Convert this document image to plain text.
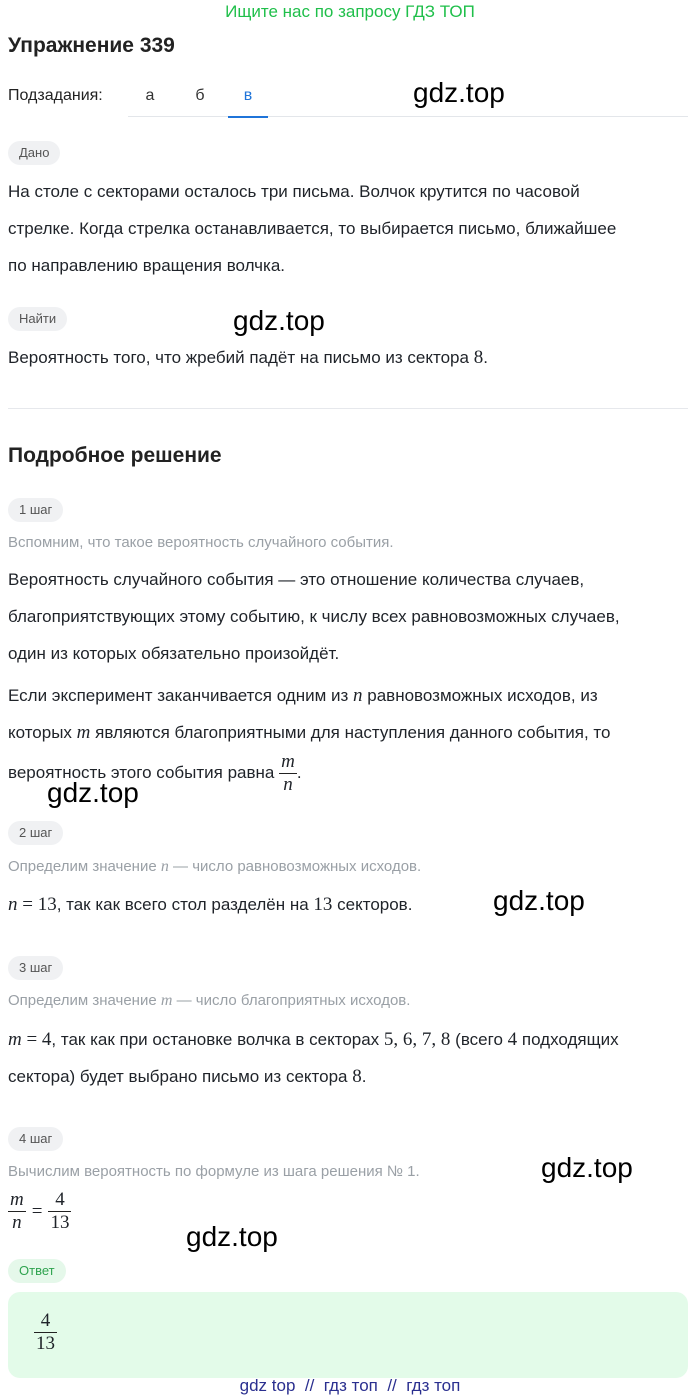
Ищите нас по запросу ГДЗ ТОП
Упражнение 339
Подзадания:	а	б	в	gdz.top
Дано
На столе с секторами осталось три письма. Волчок крутится по часовой
стрелке. Когда стрелка останавливается, то выбирается письмо, ближайшее
по направлению вращения волчка.
Найти	gdz.top
Вероятность того, что жребий падёт на письмо из сектора 8.
Подробное решение
1 шаг
Вспомним, что такое вероятность случайного события.
Вероятность случайного события — это отношение количества случаев,
благоприятствующих этому событию, к числу всех равновозможных случаев,
один из которых обязательно произойдёт.
Если эксперимент заканчивается одним из n равновозможных исходов, из
которых m являются благоприятными для наступления данного события, то
вероятность этого события равна $\frac{m}{n}$ .
gdz.top
2 шаг
Определим значение n — число равновозможных исходов.
n = 13, так как всего стол разделён на 13 секторов.	gdz.top
3 шаг
Определим значение m — число благоприятных исходов.
m = 4, так как при остановке волчка в секторах 5, 6, 7, 8 (всего 4 подходящих
сектора) будет выбрано письмо из сектора 8.
4 шаг
Вычислим вероятность по формуле из шага решения № 1.	gdz.top
$\frac{m}{n} = \frac{4}{13}$
gdz.top
Ответ
$\frac{4}{13}$
gdz top  //  гдз топ  //  гдз топ
